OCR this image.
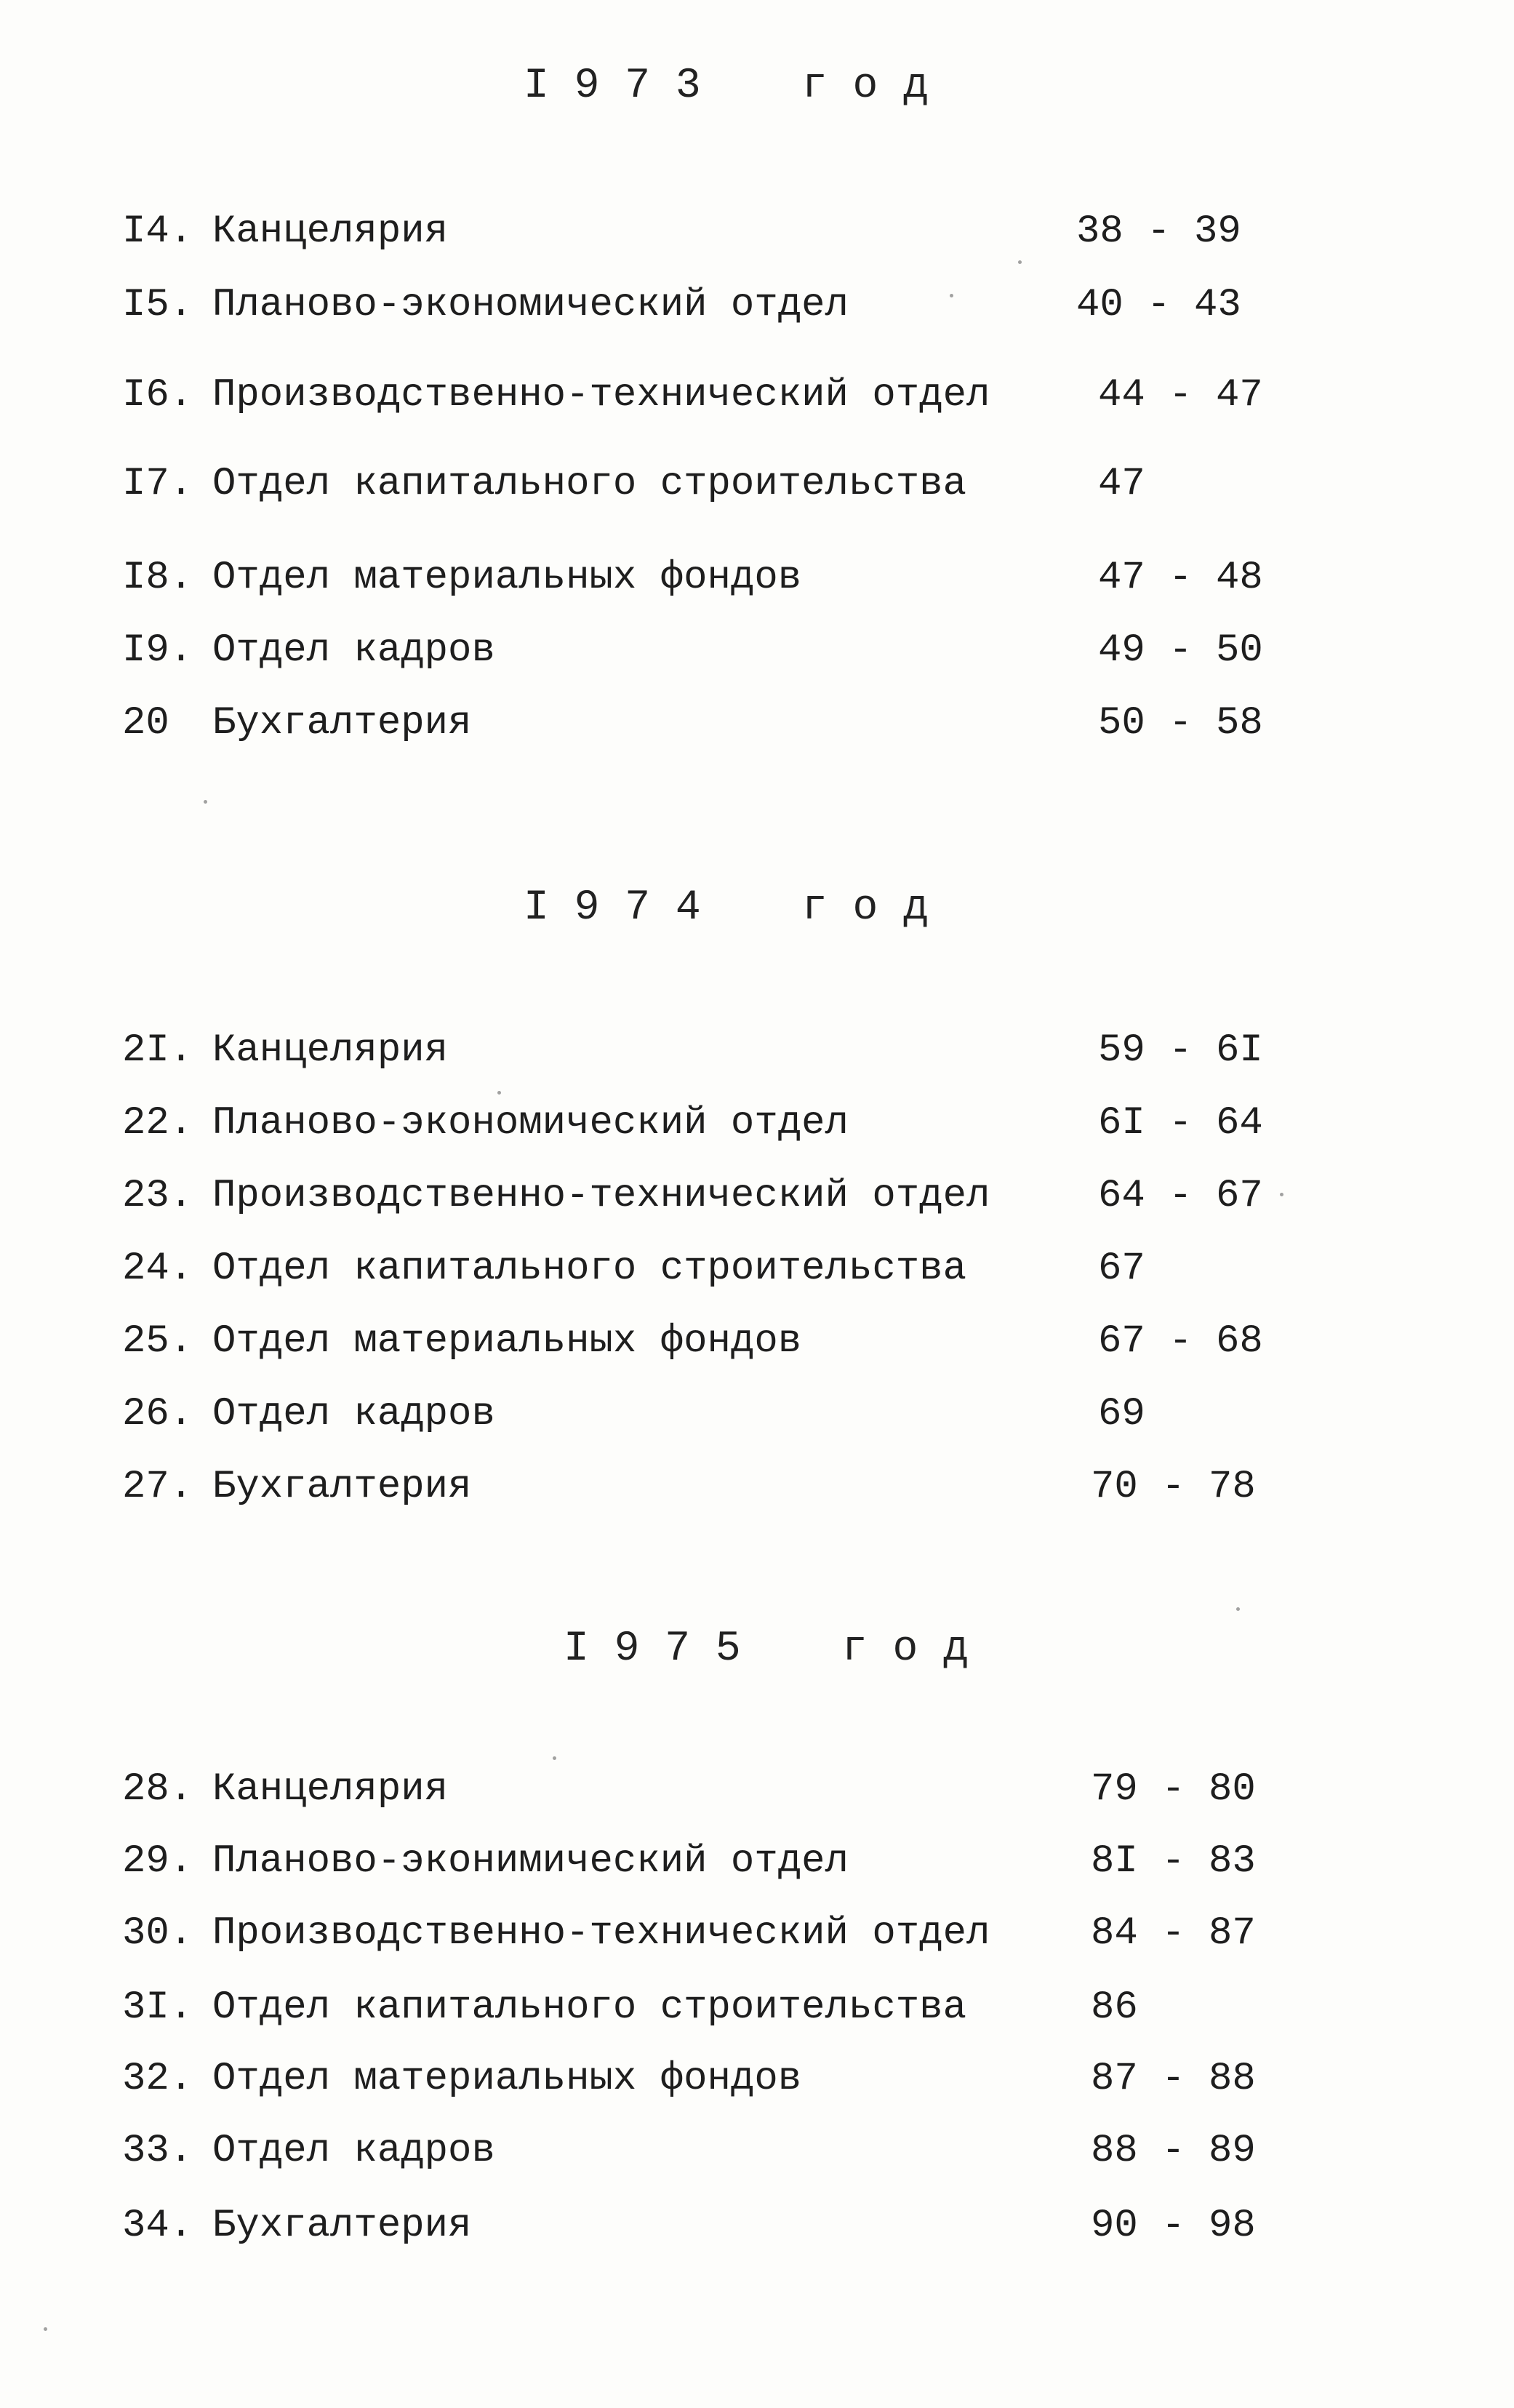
I 9 7 3    г о д
I4. Канцелярия	38 - 39
I5. Планово-экономический отдел	40 - 43
I6. Производственно-технический отдел	44 - 47
I7. Отдел капитального строительства	47
I8. Отдел материальных фондов	47 - 48
I9. Отдел кадров	49 - 50
20 Бухгалтерия	50 - 58
I 9 7 4    г о д
2I. Канцелярия	59 - 6I
22. Планово-экономический отдел	6I - 64
23. Производственно-технический отдел	64 - 67
24. Отдел капитального строительства	67
25. Отдел материальных фондов	67 - 68
26. Отдел кадров	69
27. Бухгалтерия	70 - 78
I 9 7 5    г о д
28. Канцелярия	79 - 80
29. Планово-эконимический отдел	8I - 83
30. Производственно-технический отдел	84 - 87
3I. Отдел капитального строительства	86
32. Отдел материальных фондов	87 - 88
33. Отдел кадров	88 - 89
34. Бухгалтерия	90 - 98
